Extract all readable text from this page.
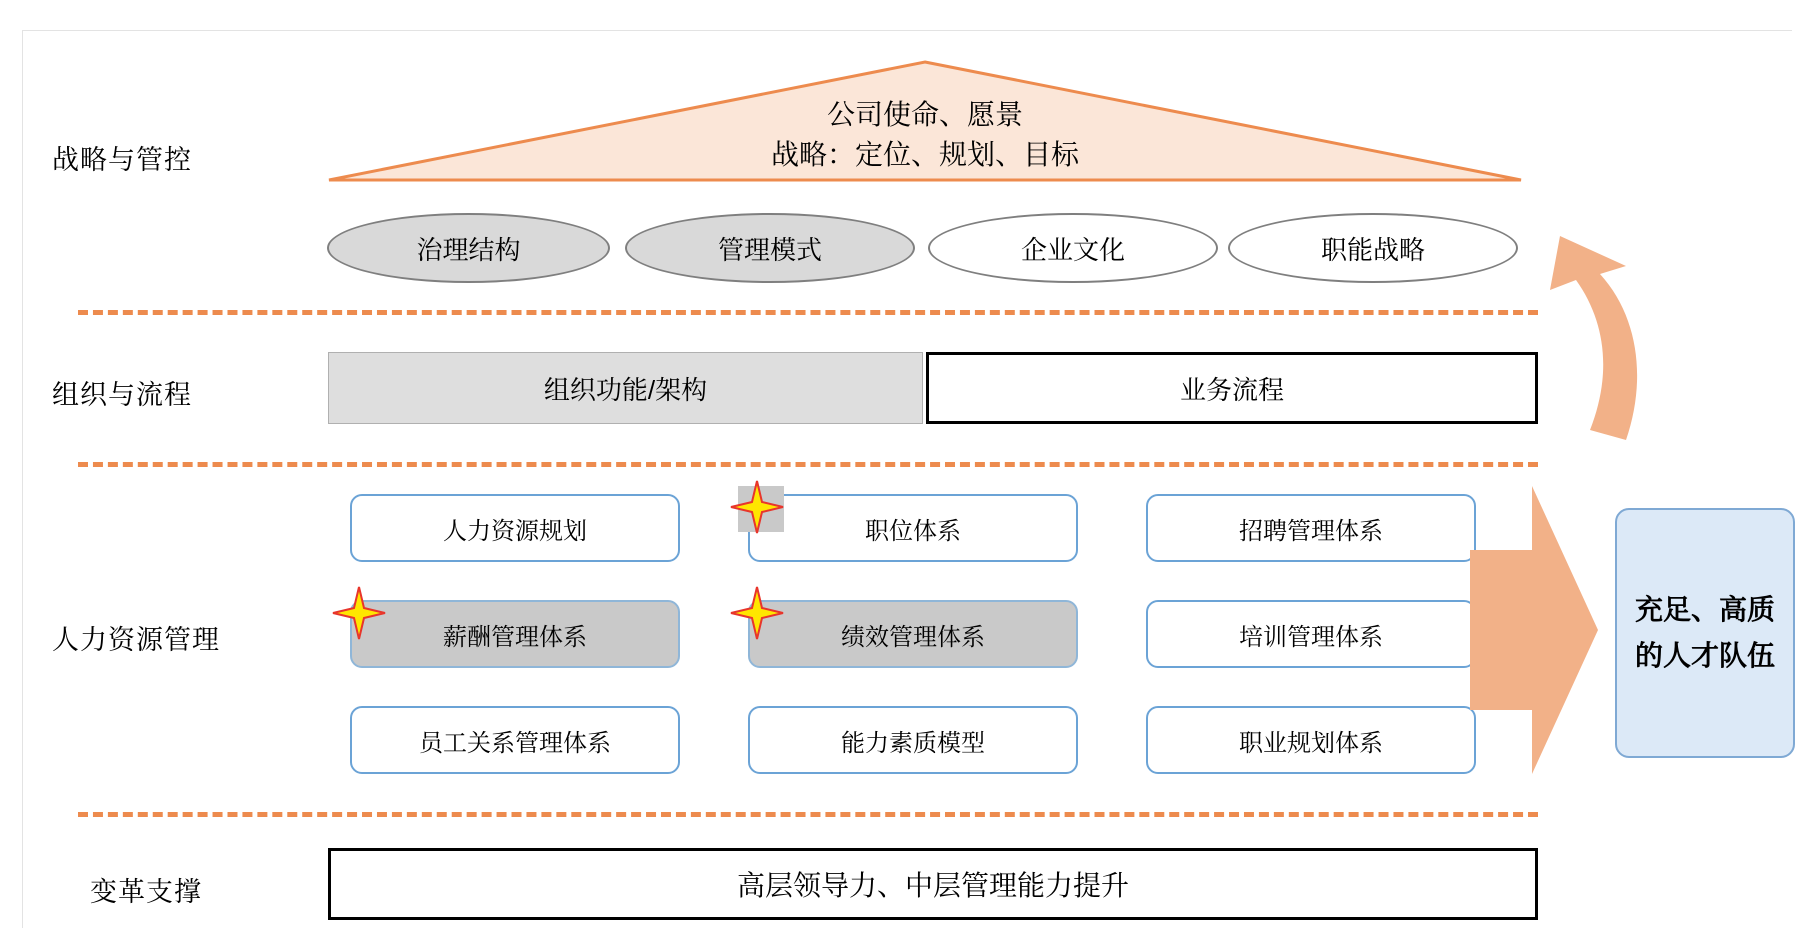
战略与管控
组织与流程
人力资源管理
变革支撑
公司使命、愿景
战略：定位、规划、目标
治理结构	管理模式	企业文化	职能战略
组织功能/架构	业务流程
人力资源规划	职位体系	招聘管理体系
薪酬管理体系	绩效管理体系	培训管理体系
员工关系管理体系	能力素质模型	职业规划体系
充足、高质
的人才队伍
高层领导力、中层管理能力提升
